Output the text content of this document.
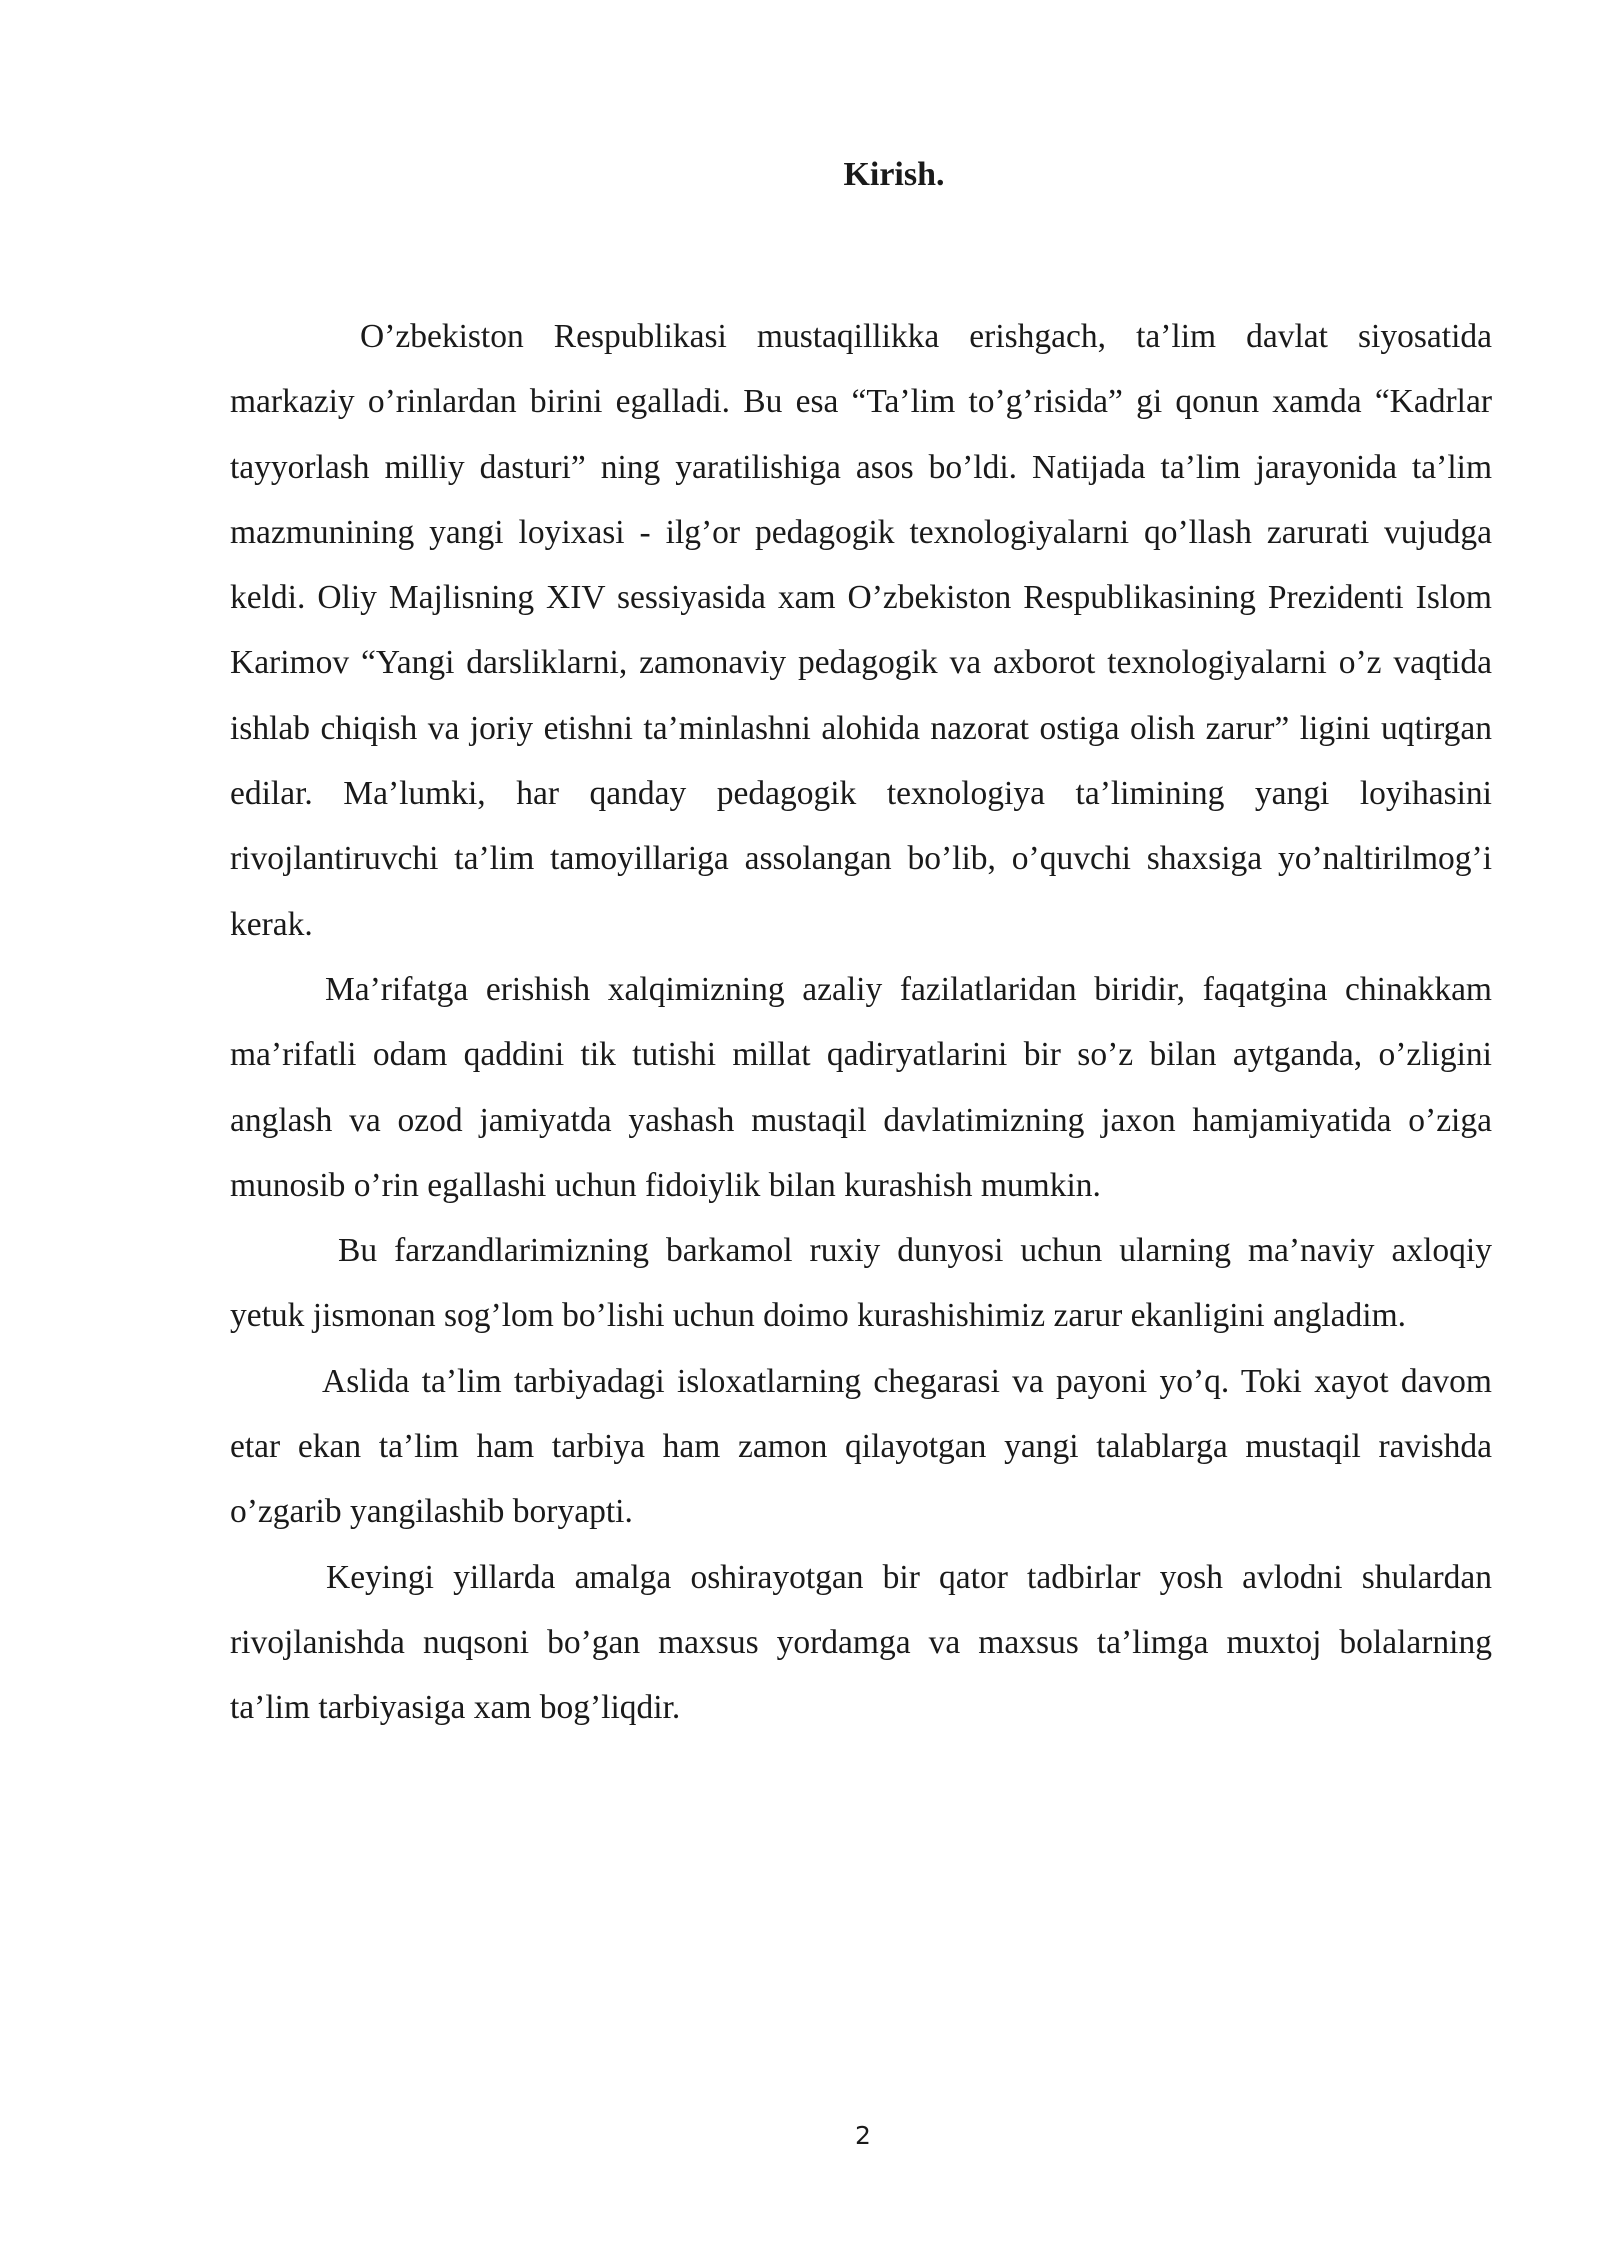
Kirish.

O’zbekiston Respublikasi mustaqillikka erishgach, ta’lim davlat siyosatida markaziy o’rinlardan birini egalladi. Bu esa “Ta’lim to’g’risida” gi qonun xamda “Kadrlar tayyorlash milliy dasturi” ning yaratilishiga asos bo’ldi. Natijada ta’lim jarayonida ta’lim mazmunining yangi loyixasi - ilg’or pedagogik texnologiyalarni qo’llash zarurati vujudga keldi. Oliy Majlisning XIV sessiyasida xam O’zbekiston Respublikasining Prezidenti Islom Karimov “Yangi darsliklarni, zamonaviy pedagogik va axborot texnologiyalarni o’z vaqtida ishlab chiqish va joriy etishni ta’minlashni alohida nazorat ostiga olish zarur” ligini uqtirgan edilar. Ma’lumki, har qanday pedagogik texnologiya ta’limining yangi loyihasini rivojlantiruvchi ta’lim tamoyillariga assolangan bo’lib, o’quvchi shaxsiga yo’naltirilmog’i kerak.

Ma’rifatga erishish xalqimizning azaliy fazilatlaridan biridir, faqatgina chinakkam ma’rifatli odam qaddini tik tutishi millat qadiryatlarini bir so’z bilan aytganda, o’zligini anglash va ozod jamiyatda yashash mustaqil davlatimizning jaxon hamjamiyatida o’ziga munosib o’rin egallashi uchun fidoiylik bilan kurashish mumkin.

Bu farzandlarimizning barkamol ruxiy dunyosi uchun ularning ma’naviy axloqiy yetuk jismonan sog’lom bo’lishi uchun doimo kurashishimiz zarur ekanligini angladim.

Aslida ta’lim tarbiyadagi isloxatlarning chegarasi va payoni yo’q. Toki xayot davom etar ekan ta’lim ham tarbiya ham zamon qilayotgan yangi talablarga mustaqil ravishda o’zgarib yangilashib boryapti.

Keyingi yillarda amalga oshirayotgan bir qator tadbirlar yosh avlodni shulardan rivojlanishda nuqsoni bo’gan maxsus yordamga va maxsus ta’limga muxtoj bolalarning ta’lim tarbiyasiga xam bog’liqdir.

2
